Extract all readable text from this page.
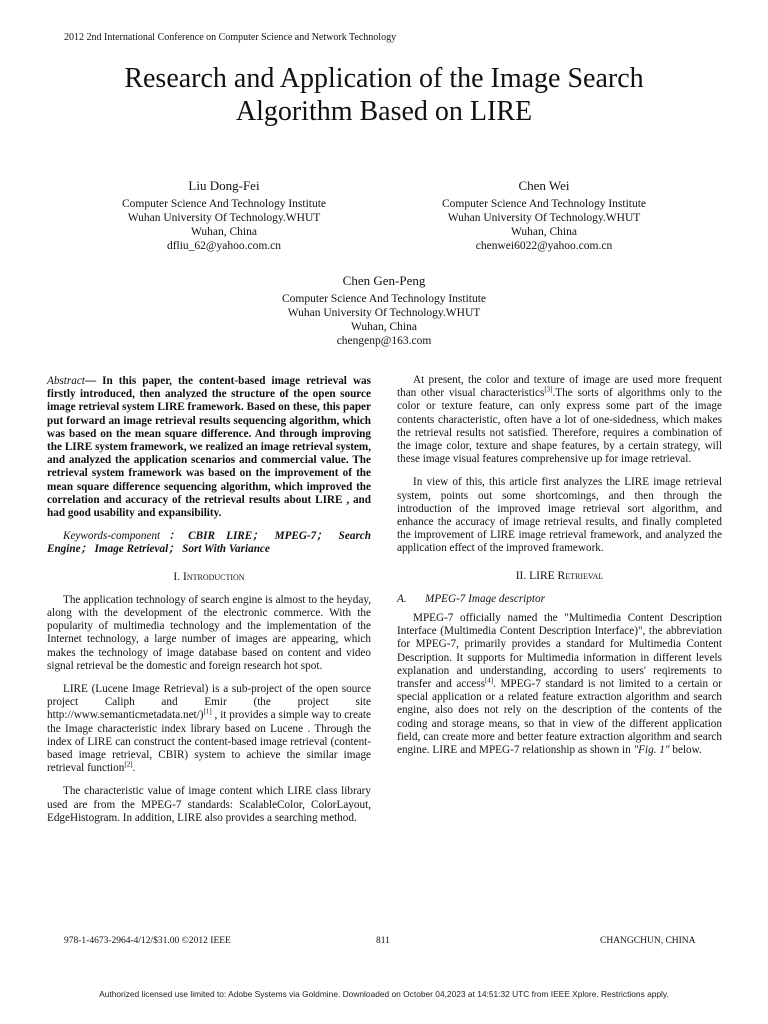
2012 2nd International Conference on Computer Science and Network Technology
Research and Application of the Image Search
Algorithm Based on LIRE
Liu Dong-Fei
Computer Science And Technology Institute
Wuhan University Of Technology.WHUT
Wuhan, China
dfliu_62@yahoo.com.cn
Chen Wei
Computer Science And Technology Institute
Wuhan University Of Technology.WHUT
Wuhan, China
chenwei6022@yahoo.com.cn
Chen Gen-Peng
Computer Science And Technology Institute
Wuhan University Of Technology.WHUT
Wuhan, China
chengenp@163.com

Abstract— In this paper, the content-based image retrieval was firstly introduced, then analyzed the structure of the open source image retrieval system LIRE framework. Based on these, this paper put forward an image retrieval results sequencing algorithm, which was based on the mean square difference. And through improving the LIRE system framework, we realized an image retrieval system, and analyzed the application scenarios and commercial value. The retrieval system framework was based on the improvement of the mean square difference sequencing algorithm, which improved the correlation and accuracy of the retrieval results about LIRE , and had good usability and expansibility.

Keywords-component：CBIR LIRE； MPEG-7； Search Engine； Image Retrieval； Sort With Variance

I. Introduction

The application technology of search engine is almost to the heyday, along with the development of the electronic commerce. With the popularity of multimedia technology and the implementation of the Internet technology, a large number of images are appearing, which makes the technology of image database based on content and video signal retrieval be the domestic and foreign research hot spot.

LIRE (Lucene Image Retrieval) is a sub-project of the open source project Caliph and Emir (the project site http://www.semanticmetadata.net/)[1] , it provides a simple way to create the Image characteristic index library based on Lucene . Through the index of LIRE can construct the content-based image retrieval (content-based image retrieval, CBIR) system to achieve the similar image retrieval function[2].

The characteristic value of image content which LIRE class library used are from the MPEG-7 standards: ScalableColor, ColorLayout, EdgeHistogram. In addition, LIRE also provides a searching method.

At present, the color and texture of image are used more frequent than other visual characteristics[3].The sorts of algorithms only to the color or texture feature, can only express some part of the image contents characteristic, often have a lot of one-sidedness, which makes the retrieval results not satisfied. Therefore, requires a combination of the image color, texture and shape features, by a certain strategy, will these image visual features comprehensive up for image retrieval.

In view of this, this article first analyzes the LIRE image retrieval system, points out some shortcomings, and then through the introduction of the improved image retrieval sort algorithm, and enhance the accuracy of image retrieval results, and finally completed the improvement of LIRE image retrieval framework, and analyzed the application effect of the improved framework.

II. LIRE Retrieval
A. MPEG-7 Image descriptor

MPEG-7 officially named the "Multimedia Content Description Interface (Multimedia Content Description Interface)", the abbreviation for MPEG-7, primarily provides a standard for Multimedia Content Description. It supports for Multimedia information in different levels explanation and understanding, according to users' reqirements to transfer and access[4]. MPEG-7 standard is not limited to a certain or special application or a related feature extraction algorithm and search engine, also does not rely on the description of the contents of the coding and storage means, so that in view of the different application field, can create more and better feature extraction algorithm and search engine. LIRE and MPEG-7 relationship as shown in "Fig. 1" below.

978-1-4673-2964-4/12/$31.00 ©2012 IEEE	811	CHANGCHUN, CHINA
Authorized licensed use limited to: Adobe Systems via Goldmine. Downloaded on October 04,2023 at 14:51:32 UTC from IEEE Xplore. Restrictions apply.
